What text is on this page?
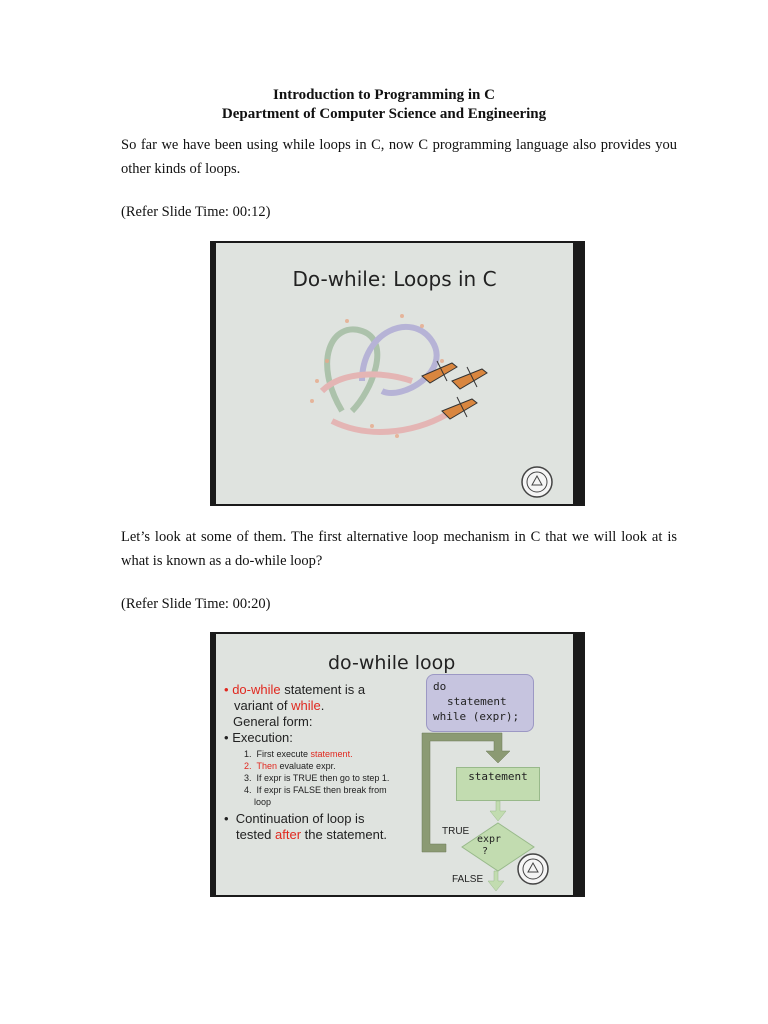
Introduction to Programming in C
Department of Computer Science and Engineering
So far we have been using while loops in C, now C programming language also provides you other kinds of loops.
(Refer Slide Time: 00:12)
Do-while: Loops in C
Let’s look at some of them. The first alternative loop mechanism in C that we will look at is what is known as a do-while loop?
(Refer Slide Time: 00:20)
do-while loop
• do-while statement is a
variant of while.
General form:
• Execution:
1.  First execute statement.
2.  Then evaluate expr.
3.  If expr is TRUE then go to step 1.
4.  If expr is FALSE then break from
loop
• Continuation of loop is
tested after the statement.
do
statement
while (expr);
statement
expr
?
TRUE
FALSE
